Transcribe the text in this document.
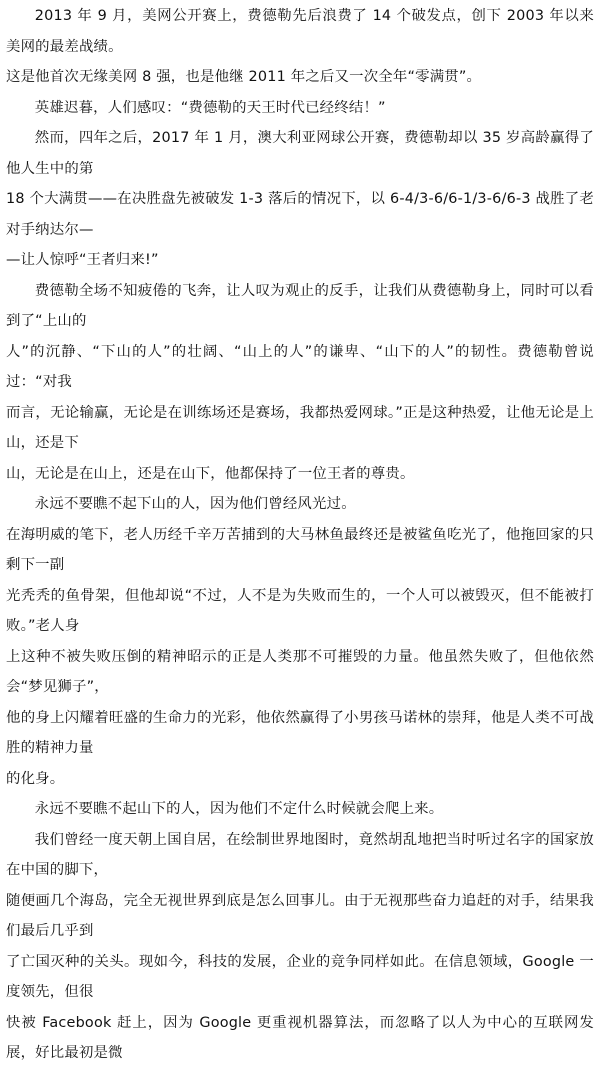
2013 年 9 月，美网公开赛上，费德勒先后浪费了 14 个破发点，创下 2003 年以来美网的最差战绩。
这是他首次无缘美网 8 强，也是他继 2011 年之后又一次全年“零满贯”。

英雄迟暮，人们感叹：“费德勒的天王时代已经终结！”

然而，四年之后，2017 年 1 月，澳大利亚网球公开赛，费德勒却以 35 岁高龄赢得了他人生中的第
18 个大满贯——在决胜盘先被破发 1-3 落后的情况下，以 6-4/3-6/6-1/3-6/6-3 战胜了老对手纳达尔—
—让人惊呼“王者归来!”

费德勒全场不知疲倦的飞奔，让人叹为观止的反手，让我们从费德勒身上，同时可以看到了“上山的
人”的沉静、“下山的人”的壮阔、“山上的人”的谦卑、“山下的人”的韧性。费德勒曾说过：“对我
而言，无论输赢，无论是在训练场还是赛场，我都热爱网球。”正是这种热爱，让他无论是上山，还是下
山，无论是在山上，还是在山下，他都保持了一位王者的尊贵。

永远不要瞧不起下山的人，因为他们曾经风光过。

在海明威的笔下，老人历经千辛万苦捕到的大马林鱼最终还是被鲨鱼吃光了，他拖回家的只剩下一副
光秃秃的鱼骨架，但他却说“不过，人不是为失败而生的，一个人可以被毁灭，但不能被打败。”老人身
上这种不被失败压倒的精神昭示的正是人类那不可摧毁的力量。他虽然失败了，但他依然会“梦见狮子”，
他的身上闪耀着旺盛的生命力的光彩，他依然赢得了小男孩马诺林的崇拜，他是人类不可战胜的精神力量
的化身。

永远不要瞧不起山下的人，因为他们不定什么时候就会爬上来。

我们曾经一度天朝上国自居，在绘制世界地图时，竟然胡乱地把当时听过名字的国家放在中国的脚下，
随便画几个海岛，完全无视世界到底是怎么回事儿。由于无视那些奋力追赶的对手，结果我们最后几乎到
了亡国灭种的关头。现如今，科技的发展，企业的竞争同样如此。在信息领域，Google 一度领先，但很
快被 Facebook 赶上，因为 Google 更重视机器算法，而忽略了以人为中心的互联网发展，好比最初是微
